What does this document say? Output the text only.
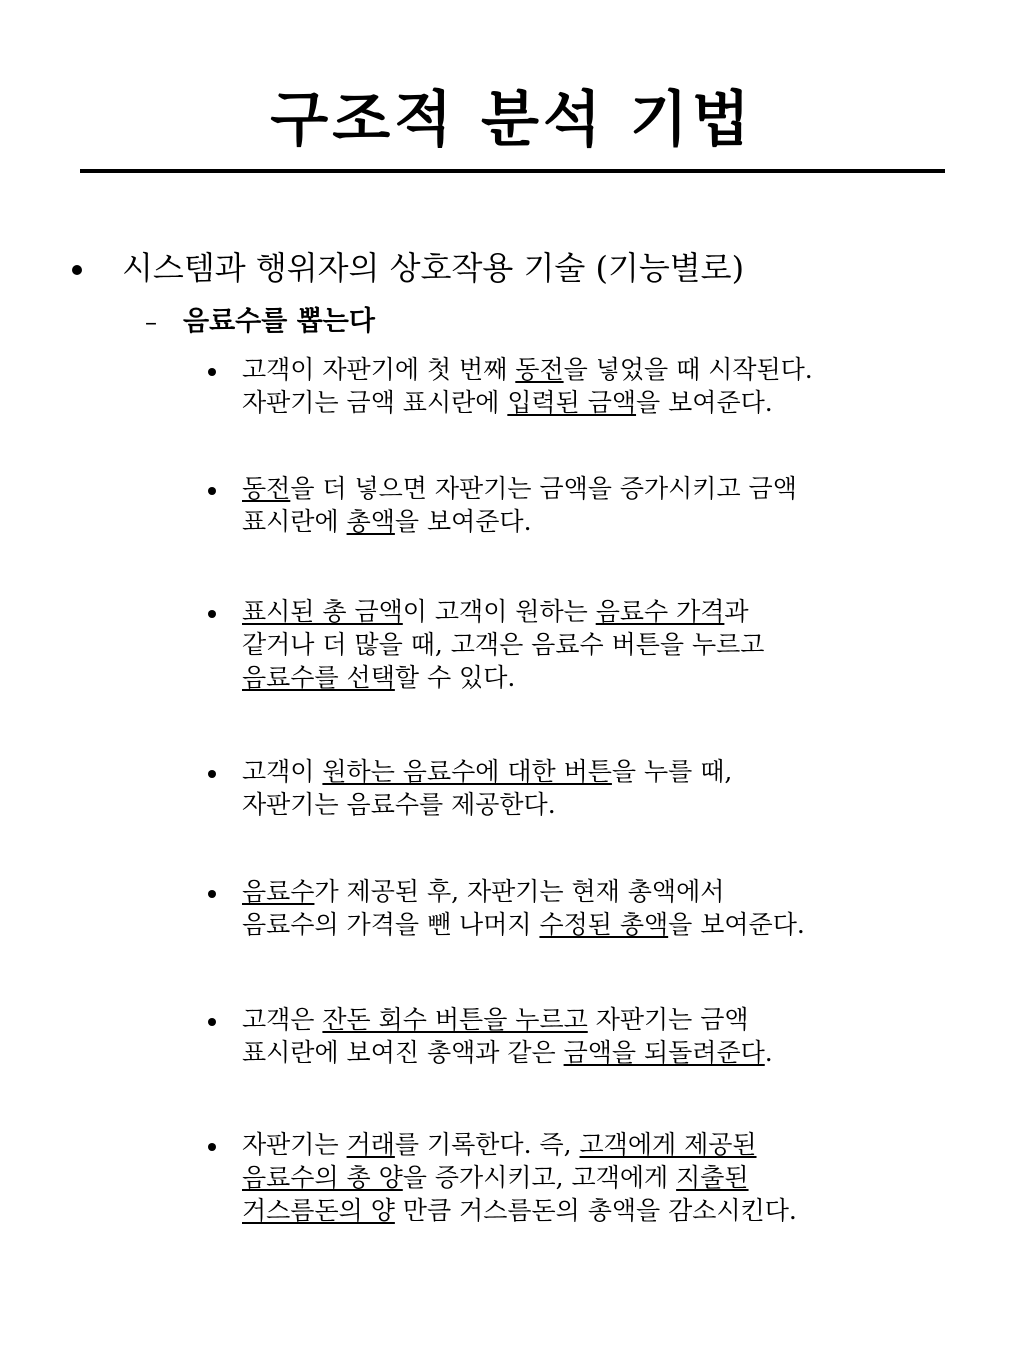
구조적 분석 기법
시스템과 행위자의 상호작용 기술 (기능별로)
– 음료수를 뽑는다
고객이 자판기에 첫 번째 동전을 넣었을 때 시작된다.
자판기는 금액 표시란에 입력된 금액을 보여준다.
동전을 더 넣으면 자판기는 금액을 증가시키고 금액
표시란에 총액을 보여준다.
표시된 총 금액이 고객이 원하는 음료수 가격과
같거나 더 많을 때, 고객은 음료수 버튼을 누르고
음료수를 선택할 수 있다.
고객이 원하는 음료수에 대한 버튼을 누를 때,
자판기는 음료수를 제공한다.
음료수가 제공된 후, 자판기는 현재 총액에서
음료수의 가격을 뺀 나머지 수정된 총액을 보여준다.
고객은 잔돈 회수 버튼을 누르고 자판기는 금액
표시란에 보여진 총액과 같은 금액을 되돌려준다.
자판기는 거래를 기록한다. 즉, 고객에게 제공된
음료수의 총 양을 증가시키고, 고객에게 지출된
거스름돈의 양 만큼 거스름돈의 총액을 감소시킨다.
